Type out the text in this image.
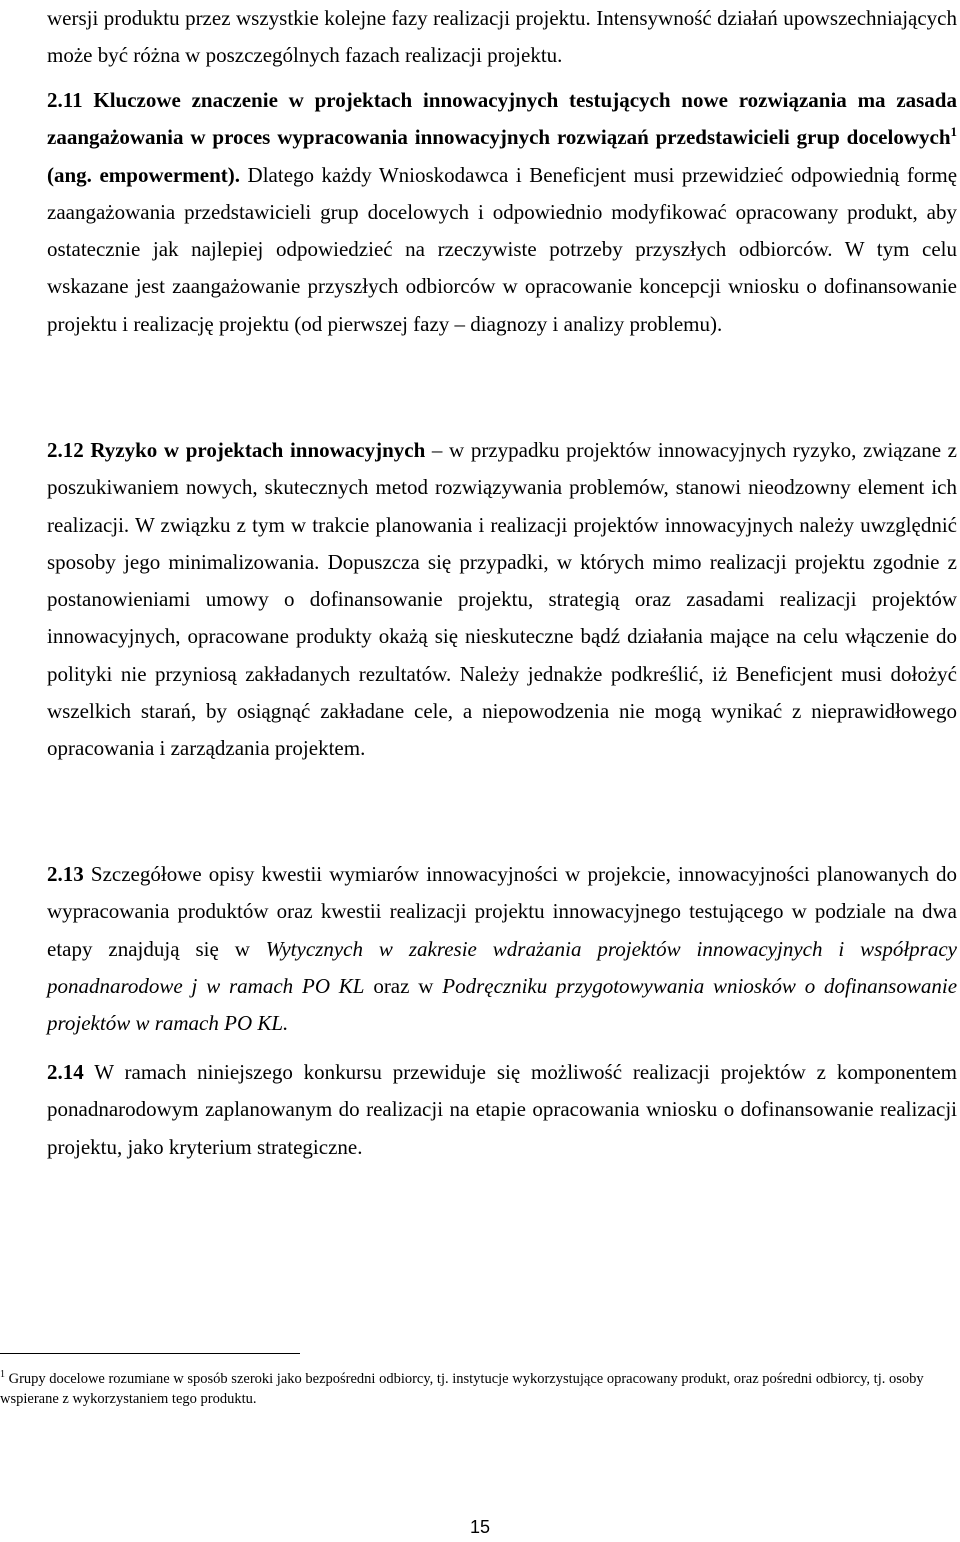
wersji produktu przez wszystkie kolejne fazy realizacji projektu. Intensywność działań upowszechniających może być różna w poszczególnych fazach realizacji projektu.
2.11 Kluczowe znaczenie w projektach innowacyjnych testujących nowe rozwiązania ma zasada zaangażowania w proces wypracowania innowacyjnych rozwiązań przedstawicieli grup docelowych$^1$ (ang. empowerment). Dlatego każdy Wnioskodawca i Beneficjent musi przewidzieć odpowiednią formę zaangażowania przedstawicieli grup docelowych i odpowiednio modyfikować opracowany produkt, aby ostatecznie jak najlepiej odpowiedzieć na rzeczywiste potrzeby przyszłych odbiorców. W tym celu wskazane jest zaangażowanie przyszłych odbiorców w opracowanie koncepcji wniosku o dofinansowanie projektu i realizację projektu (od pierwszej fazy – diagnozy i analizy problemu).
2.12 Ryzyko w projektach innowacyjnych – w przypadku projektów innowacyjnych ryzyko, związane z poszukiwaniem nowych, skutecznych metod rozwiązywania problemów, stanowi nieodzowny element ich realizacji. W związku z tym w trakcie planowania i realizacji projektów innowacyjnych należy uwzględnić sposoby jego minimalizowania. Dopuszcza się przypadki, w których mimo realizacji projektu zgodnie z postanowieniami umowy o dofinansowanie projektu, strategią oraz zasadami realizacji projektów innowacyjnych, opracowane produkty okażą się nieskuteczne bądź działania mające na celu włączenie do polityki nie przyniosą zakładanych rezultatów. Należy jednakże podkreślić, iż Beneficjent musi dołożyć wszelkich starań, by osiągnąć zakładane cele, a niepowodzenia nie mogą wynikać z nieprawidłowego opracowania i zarządzania projektem.
2.13 Szczegółowe opisy kwestii wymiarów innowacyjności w projekcie, innowacyjności planowanych do wypracowania produktów oraz kwestii realizacji projektu innowacyjnego testującego w podziale na dwa etapy znajdują się w Wytycznych w zakresie wdrażania projektów innowacyjnych i współpracy ponadnarodowe j w ramach PO KL oraz w Podręczniku przygotowywania wniosków o dofinansowanie projektów w ramach PO KL.
2.14 W ramach niniejszego konkursu przewiduje się możliwość realizacji projektów z komponentem ponadnarodowym zaplanowanym do realizacji na etapie opracowania wniosku o dofinansowanie realizacji projektu, jako kryterium strategiczne.
$^1$ Grupy docelowe rozumiane w sposób szeroki jako bezpośredni odbiorcy, tj. instytucje wykorzystujące opracowany produkt, oraz pośredni odbiorcy, tj. osoby wspierane z wykorzystaniem tego produktu.
15
